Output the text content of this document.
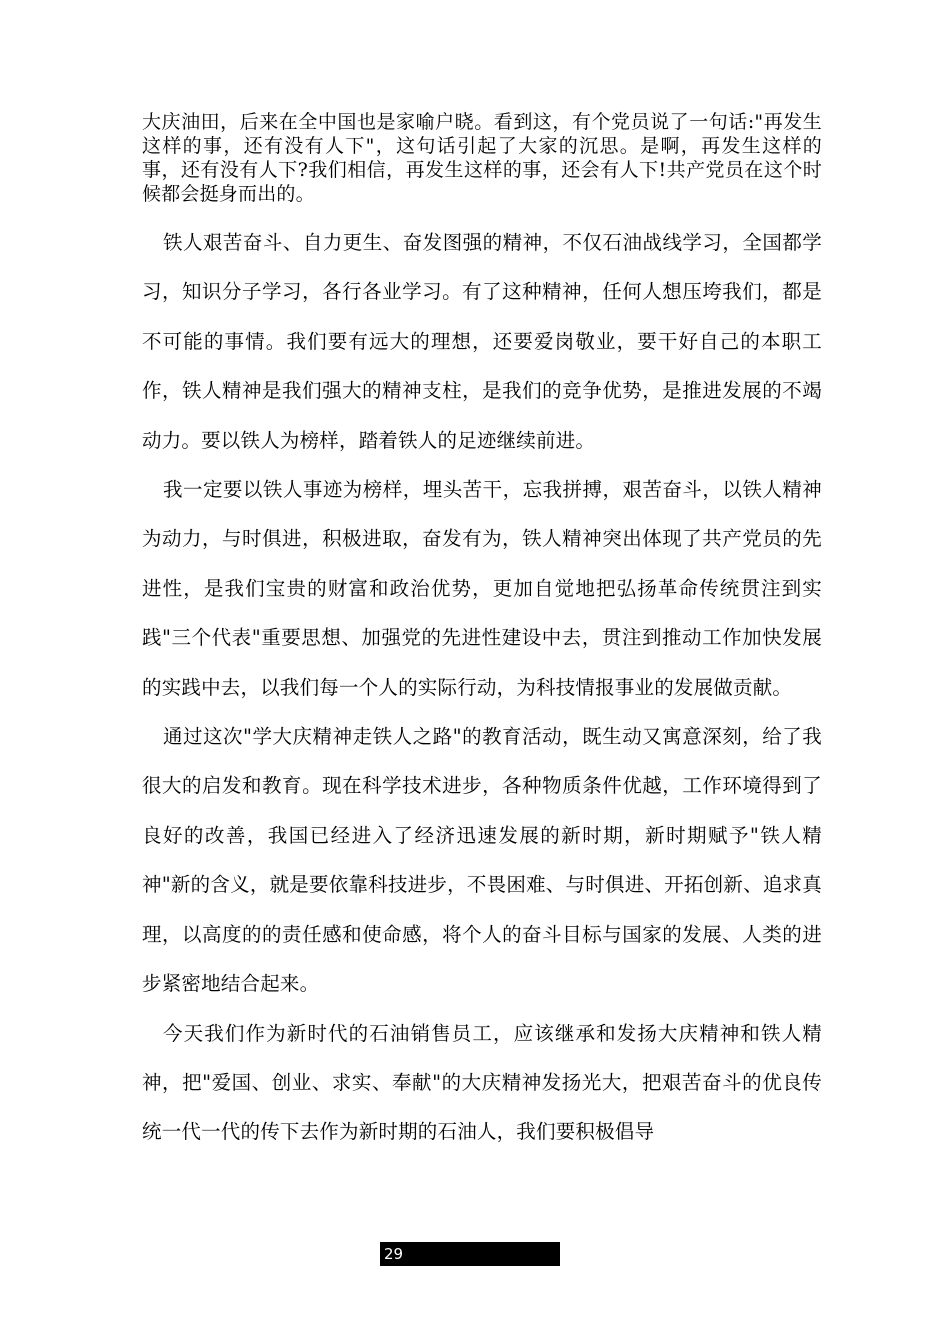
大庆油田，后来在全中国也是家喻户晓。看到这，有个党员说了一句话:"再发生这样的事，还有没有人下"，这句话引起了大家的沉思。是啊，再发生这样的事，还有没有人下?我们相信，再发生这样的事，还会有人下!共产党员在这个时候都会挺身而出的。

铁人艰苦奋斗、自力更生、奋发图强的精神，不仅石油战线学习，全国都学习，知识分子学习，各行各业学习。有了这种精神，任何人想压垮我们，都是不可能的事情。我们要有远大的理想，还要爱岗敬业，要干好自己的本职工作，铁人精神是我们强大的精神支柱，是我们的竞争优势，是推进发展的不竭动力。要以铁人为榜样，踏着铁人的足迹继续前进。

我一定要以铁人事迹为榜样，埋头苦干，忘我拼搏，艰苦奋斗，以铁人精神为动力，与时俱进，积极进取，奋发有为，铁人精神突出体现了共产党员的先进性，是我们宝贵的财富和政治优势，更加自觉地把弘扬革命传统贯注到实践"三个代表"重要思想、加强党的先进性建设中去，贯注到推动工作加快发展的实践中去，以我们每一个人的实际行动，为科技情报事业的发展做贡献。

通过这次"学大庆精神走铁人之路"的教育活动，既生动又寓意深刻，给了我很大的启发和教育。现在科学技术进步，各种物质条件优越，工作环境得到了良好的改善，我国已经进入了经济迅速发展的新时期，新时期赋予"铁人精神"新的含义，就是要依靠科技进步，不畏困难、与时俱进、开拓创新、追求真理，以高度的的责任感和使命感，将个人的奋斗目标与国家的发展、人类的进步紧密地结合起来。

今天我们作为新时代的石油销售员工，应该继承和发扬大庆精神和铁人精神，把"爱国、创业、求实、奉献"的大庆精神发扬光大，把艰苦奋斗的优良传统一代一代的传下去作为新时期的石油人，我们要积极倡导

29
